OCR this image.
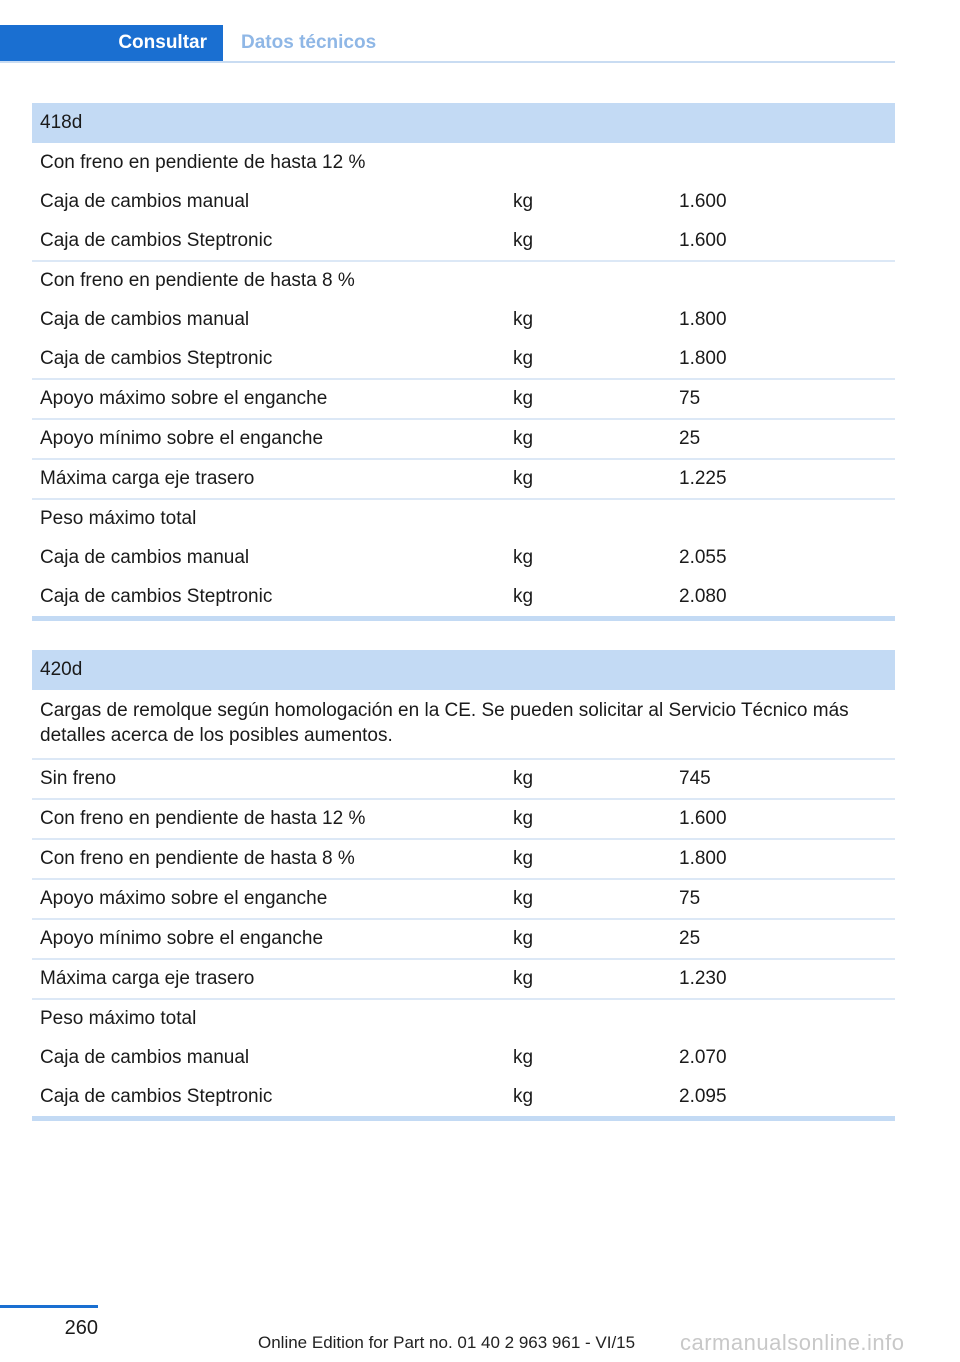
Consultar	Datos técnicos
418d
Con freno en pendiente de hasta 12 %
Caja de cambios manual	kg	1.600
Caja de cambios Steptronic	kg	1.600
Con freno en pendiente de hasta 8 %
Caja de cambios manual	kg	1.800
Caja de cambios Steptronic	kg	1.800
Apoyo máximo sobre el enganche	kg	75
Apoyo mínimo sobre el enganche	kg	25
Máxima carga eje trasero	kg	1.225
Peso máximo total
Caja de cambios manual	kg	2.055
Caja de cambios Steptronic	kg	2.080
420d
Cargas de remolque según homologación en la CE. Se pueden solicitar al Servicio Técnico más detalles acerca de los posibles aumentos.
Sin freno	kg	745
Con freno en pendiente de hasta 12 %	kg	1.600
Con freno en pendiente de hasta 8 %	kg	1.800
Apoyo máximo sobre el enganche	kg	75
Apoyo mínimo sobre el enganche	kg	25
Máxima carga eje trasero	kg	1.230
Peso máximo total
Caja de cambios manual	kg	2.070
Caja de cambios Steptronic	kg	2.095
260
Online Edition for Part no. 01 40 2 963 961 - VI/15 carmanualsonline.info
